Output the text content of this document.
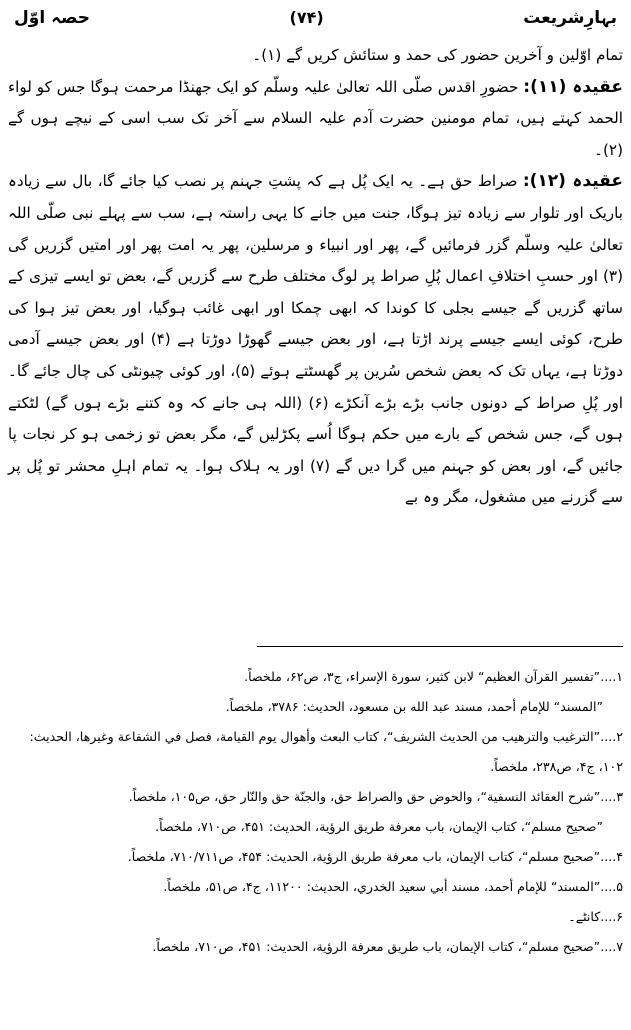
بہارِشریعت
(۷۴)
حصہ اوّل

تمام اوّلین و آخرین حضور کی حمد و ستائش کریں گے (۱)۔

عقیدہ (۱۱): حضورِ اقدس صلّی اللہ تعالیٰ علیہ وسلّم کو ایک جھنڈا مرحمت ہوگا جس کو لواء الحمد کہتے ہیں، تمام مومنین حضرت آدم علیہ السلام سے آخر تک سب اسی کے نیچے ہوں گے (۲)۔

عقیدہ (۱۲): صراط حق ہے۔ یہ ایک پُل ہے کہ پشتِ جہنم پر نصب کیا جائے گا، بال سے زیادہ باریک اور تلوار سے زیادہ تیز ہوگا، جنت میں جانے کا یہی راستہ ہے، سب سے پہلے نبی صلّی اللہ تعالیٰ علیہ وسلّم گزر فرمائیں گے، پھر اور انبیاء و مرسلین، پھر یہ امت پھر اور امتیں گزریں گی (۳) اور حسبِ اختلافِ اعمال پُلِ صراط پر لوگ مختلف طرح سے گزریں گے، بعض تو ایسے تیزی کے ساتھ گزریں گے جیسے بجلی کا کوندا کہ ابھی چمکا اور ابھی غائب ہوگیا، اور بعض تیز ہوا کی طرح، کوئی ایسے جیسے پرند اڑتا ہے، اور بعض جیسے گھوڑا دوڑتا ہے (۴) اور بعض جیسے آدمی دوڑتا ہے، یہاں تک کہ بعض شخص سُرین پر گھسٹتے ہوئے (۵)، اور کوئی چیونٹی کی چال جائے گا۔ اور پُلِ صراط کے دونوں جانب بڑے بڑے آنکڑے (۶) (اللہ ہی جانے کہ وہ کتنے بڑے ہوں گے) لٹکتے ہوں گے، جس شخص کے بارے میں حکم ہوگا اُسے پکڑلیں گے، مگر بعض تو زخمی ہو کر نجات پا جائیں گے، اور بعض کو جہنم میں گرا دیں گے (۷) اور یہ ہلاک ہوا۔ یہ تمام اہلِ محشر تو پُل پر سے گزرنے میں مشغول، مگر وہ بے

۱....”تفسير القرآن العظيم“ لابن كثير، سورة الإسراء، ج۳، ص۶۲، ملخصاً.

”المسند“ للإمام أحمد، مسند عبد الله بن مسعود، الحديث: ۳۷۸۶، ملخصاً.

۲....”الترغيب والترهيب من الحديث الشريف“، كتاب البعث وأهوال يوم القيامة، فصل في الشفاعة وغيرها، الحديث: ۱۰۲، ج۴، ص۲۳۸، ملخصاً.

۳....”شرح العقائد النسفية“، والحوض حق والصراط حق، والجنّة حق والنّار حق، ص۱۰۵، ملخصاً.

”صحيح مسلم“، كتاب الإيمان، باب معرفة طريق الرؤية، الحديث: ۴۵۱، ص۷۱۰، ملخصاً.

۴....”صحيح مسلم“، كتاب الإيمان، باب معرفة طريق الرؤية، الحديث: ۴۵۴، ص۷۱۰/۷۱۱، ملخصاً.

۵....”المسند“ للإمام أحمد، مسند أبي سعيد الخدري، الحديث: ۱۱۲۰۰، ج۴، ص۵۱، ملخصاً.

۶....کانٹے۔

۷....”صحيح مسلم“، كتاب الإيمان، باب طريق معرفة الرؤية، الحديث: ۴۵۱، ص۷۱۰، ملخصاً.
